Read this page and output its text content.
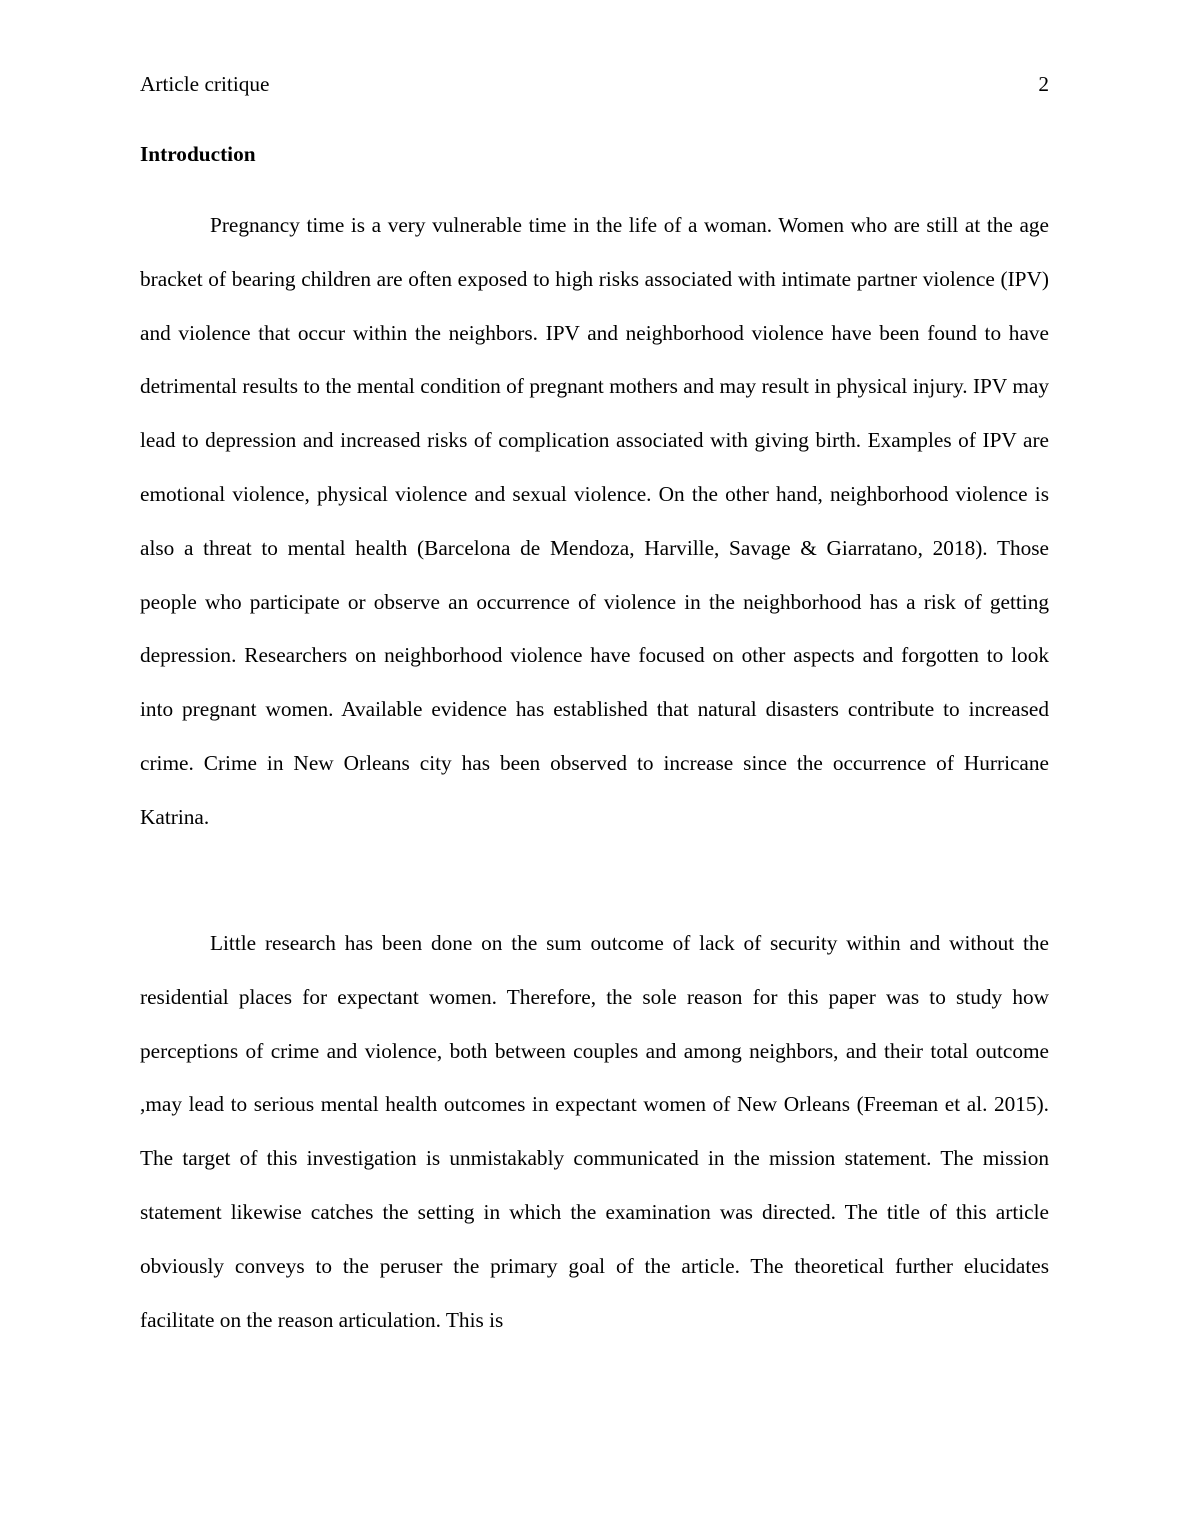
Article critique	2
Introduction

Pregnancy time is a very vulnerable time in the life of a woman. Women who are still at the age bracket of bearing children are often exposed to high risks associated with intimate partner violence (IPV) and violence that occur within the neighbors. IPV and neighborhood violence have been found to have detrimental results to the mental condition of pregnant mothers and may result in physical injury. IPV may lead to depression and increased risks of complication associated with giving birth. Examples of IPV are emotional violence, physical violence and sexual violence. On the other hand, neighborhood violence is also a threat to mental health (Barcelona de Mendoza, Harville, Savage & Giarratano, 2018). Those people who participate or observe an occurrence of violence in the neighborhood has a risk of getting depression. Researchers on neighborhood violence have focused on other aspects and forgotten to look into pregnant women. Available evidence has established that natural disasters contribute to increased crime. Crime in New Orleans city has been observed to increase since the occurrence of Hurricane Katrina.

Little research has been done on the sum outcome of lack of security within and without the residential places for expectant women. Therefore, the sole reason for this paper was to study how perceptions of crime and violence, both between couples and among neighbors, and their total outcome ,may lead to serious mental health outcomes in expectant women of New Orleans (Freeman et al. 2015). The target of this investigation is unmistakably communicated in the mission statement. The mission statement likewise catches the setting in which the examination was directed. The title of this article obviously conveys to the peruser the primary goal of the article. The theoretical further elucidates facilitate on the reason articulation. This is
